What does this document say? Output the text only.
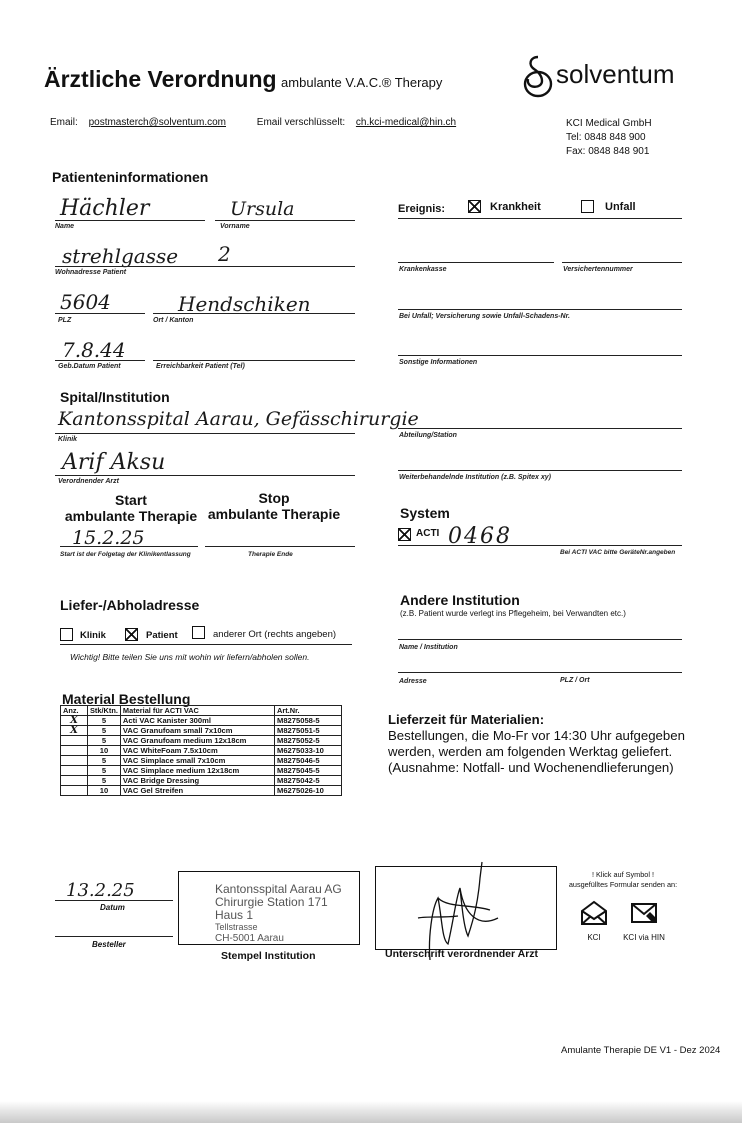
Ärztliche Verordnung ambulante V.A.C.® Therapy	solventum
Email: postmasterch@solventum.com	Email verschlüsselt: ch.kci-medical@hin.ch	KCI Medical GmbH
Tel: 0848 848 900
Fax: 0848 848 901
Patienteninformationen
Hächler
Name
Ursula
Vorname
strehlgasse 2
Wohnadresse Patient
5604
PLZ
Hendschiken
Ort / Kanton
7.8.44
Geb.Datum Patient	Erreichbarkeit Patient (Tel)
Ereignis:	Krankheit	Unfall
Krankenkasse	Versichertennummer
Bei Unfall; Versicherung sowie Unfall-Schadens-Nr.
Sonstige Informationen
Spital/Institution
Kantonsspital Aarau, Gefässchirurgie
Klinik
Arif Aksu
Verordnender Arzt
Abteilung/Station
Weiterbehandelnde Institution (z.B. Spitex xy)
Start
ambulante Therapie
Stop
ambulante Therapie
15.2.25
Start ist der Folgetag der Klinikentlassung	Therapie Ende
System
ACTI 0468
Bei ACTI VAC bitte GeräteNr.angeben
Liefer-/Abholadresse
Klinik	Patient	anderer Ort (rechts angeben)
Wichtig! Bitte teilen Sie uns mit wohin wir liefern/abholen sollen.
Andere Institution
(z.B. Patient wurde verlegt ins Pflegeheim, bei Verwandten etc.)
Name / Institution
Adresse	PLZ / Ort
Material Bestellung
Anz.	Stk/Ktn.	Material für ACTI VAC	Art.Nr.
X	5	Acti VAC Kanister 300ml	M8275058-5
X	5	VAC Granufoam small 7x10cm	M8275051-5
	5	VAC Granufoam medium 12x18cm	M8275052-5
	10	VAC WhiteFoam 7.5x10cm	M6275033-10
	5	VAC Simplace small 7x10cm	M8275046-5
	5	VAC Simplace medium 12x18cm	M8275045-5
	5	VAC Bridge Dressing	M8275042-5
	10	VAC Gel Streifen	M6275026-10
Lieferzeit für Materialien:
Bestellungen, die Mo-Fr vor 14:30 Uhr aufgegeben
werden, werden am folgenden Werktag geliefert.
(Ausnahme: Notfall- und Wochenendlieferungen)
13.2.25
Datum
Besteller
Kantonsspital Aarau AG
Chirurgie Station 171
Haus 1
Tellstrasse
CH-5001 Aarau
Stempel Institution	Unterschrift verordnender Arzt
! Klick auf Symbol !
ausgefülltes Formular senden an:
KCI	KCI via HIN
Amulante Therapie DE V1 - Dez 2024
